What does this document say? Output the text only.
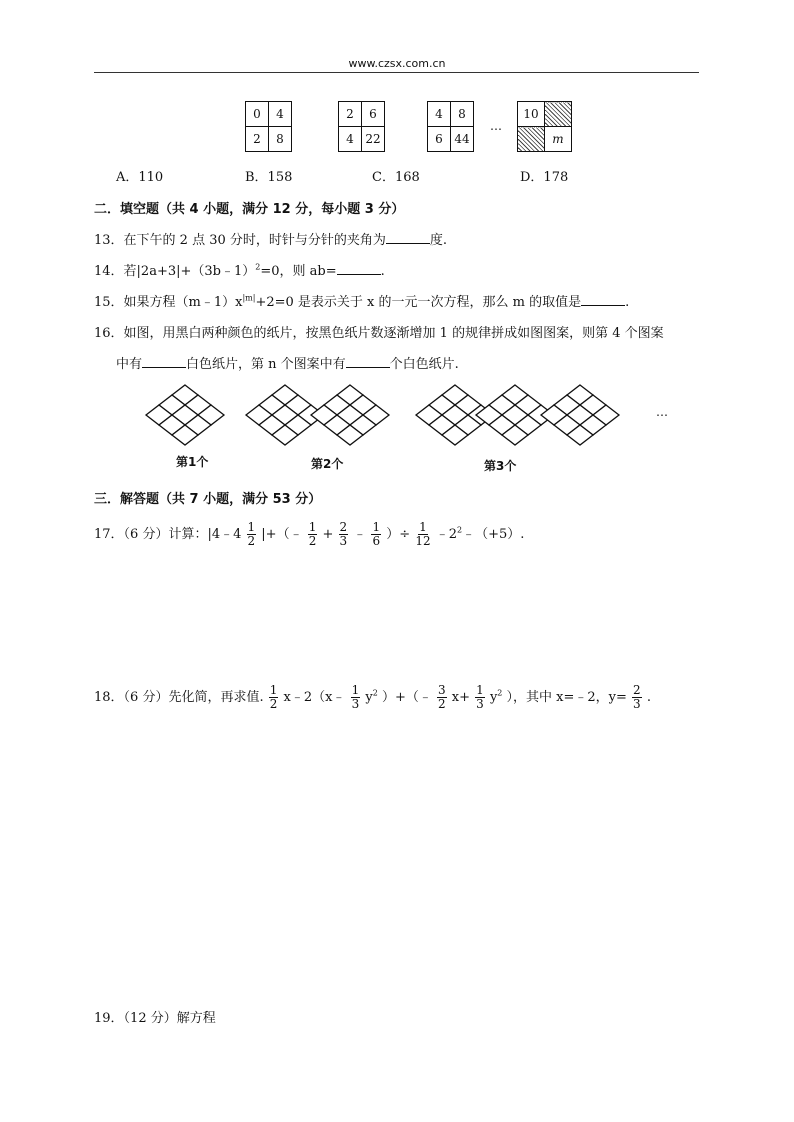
www.czsx.com.cn
0	4
2	8
2	6
4	22
4	8
6	44
…
10	
	m
A．110	B．158	C．168	D．178
二．填空题（共 4 小题，满分 12 分，每小题 3 分）
13．在下午的 2 点 30 分时，时针与分针的夹角为	度.
14．若|2a+3|+（3b﹣1）$^2$=0，则 ab=	.
15．如果方程$(m﹣1)x^{|m|}+2=0$ 是表示关于 x 的一元一次方程，那么 m 的取值是	.
16．如图，用黑白两种颜色的纸片，按黑色纸片数逐渐增加 1 的规律拼成如图图案，则第 4 个图案
中有	白色纸片，第 n 个图案中有	个白色纸片.
第1个	第2个	第3个
…
三．解答题（共 7 小题，满分 53 分）
17．（6 分）计算：|4﹣4 $\frac{1}{2}$ |+（﹣ $\frac{1}{2} + \frac{2}{3}$ ﹣ $\frac{1}{6}$ ）÷ $\frac{1}{12}$ $﹣2^2﹣(+5)$.
18．（6 分）先化简，再求值. $\frac{1}{2}$ x﹣2（x﹣ $\frac{1}{3} y^2$ ）+（﹣ $\frac{3}{2} x+ \frac{1}{3} y^2$ ），其中 x=﹣2，$y= \frac{2}{3}$ .
19．（12 分）解方程
